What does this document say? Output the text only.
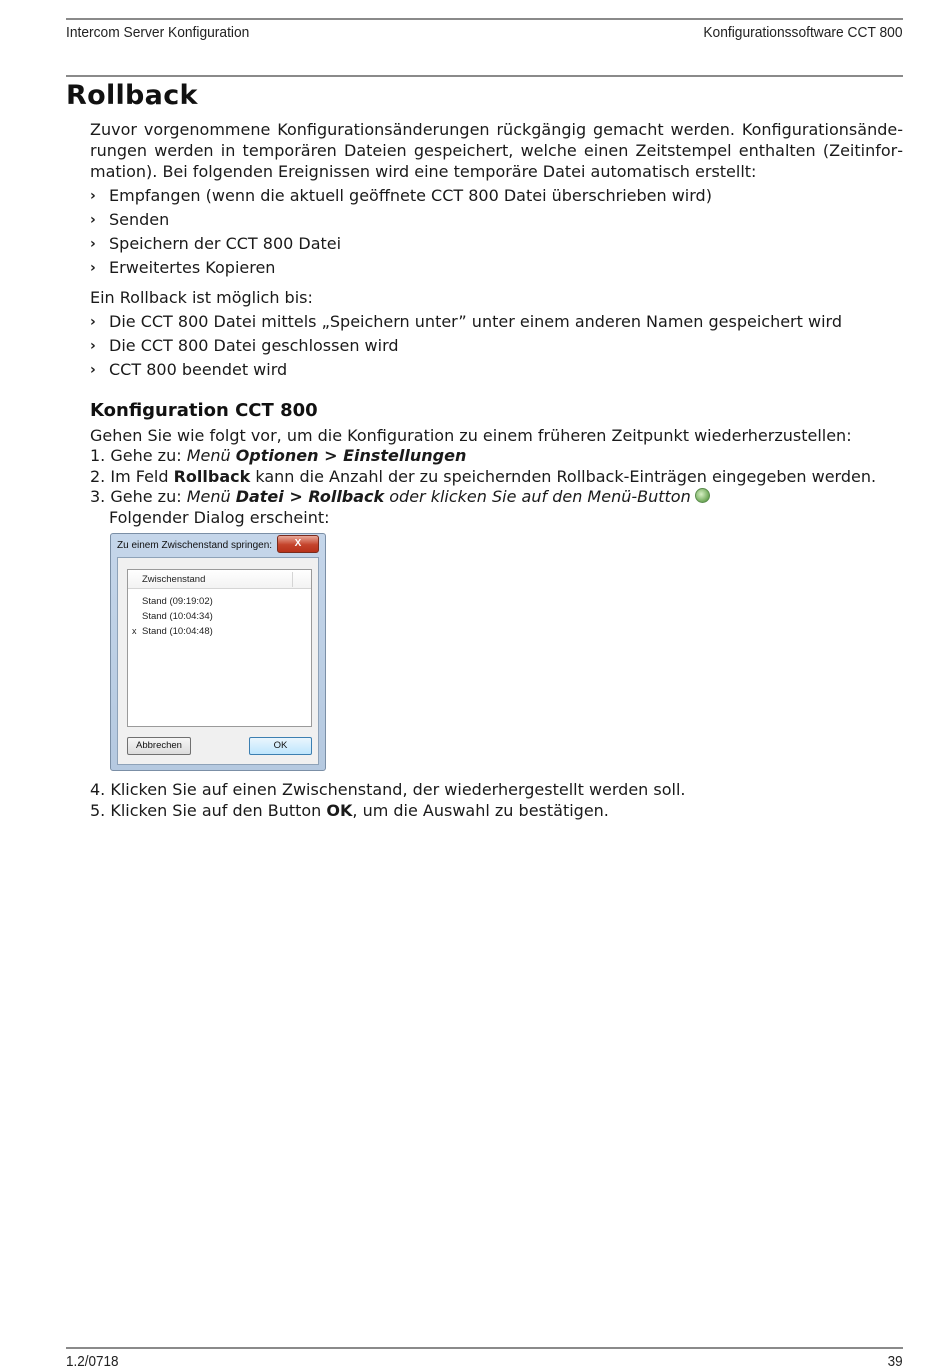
Intercom Server Konfiguration	Konfigurationssoftware CCT 800
Rollback

Zuvor vorgenommene Konfigurationsänderungen rückgängig gemacht werden. Konfigurationsänderungen werden in temporären Dateien gespeichert, welche einen Zeitstempel enthalten (Zeitinformation). Bei folgenden Ereignissen wird eine temporäre Datei automatisch erstellt:

› Empfangen (wenn die aktuell geöffnete CCT 800 Datei überschrieben wird)
› Senden
› Speichern der CCT 800 Datei
› Erweitertes Kopieren

Ein Rollback ist möglich bis:

› Die CCT 800 Datei mittels „Speichern unter” unter einem anderen Namen gespeichert wird
› Die CCT 800 Datei geschlossen wird
› CCT 800 beendet wird
Konfiguration CCT 800

Gehen Sie wie folgt vor, um die Konfiguration zu einem früheren Zeitpunkt wiederherzustellen:

1. Gehe zu: Menü Optionen > Einstellungen
2. Im Feld Rollback kann die Anzahl der zu speichernden Rollback-Einträgen eingegeben werden.
3. Gehe zu: Menü Datei > Rollback oder klicken Sie auf den Menü-Button
Folgender Dialog erscheint:
Zu einem Zwischenstand springen:	X
Zwischenstand
Stand (09:19:02)
Stand (10:04:34)
x Stand (10:04:48)
Abbrechen	OK

4. Klicken Sie auf einen Zwischenstand, der wiederhergestellt werden soll.

5. Klicken Sie auf den Button OK, um die Auswahl zu bestätigen.

1.2/0718	39
